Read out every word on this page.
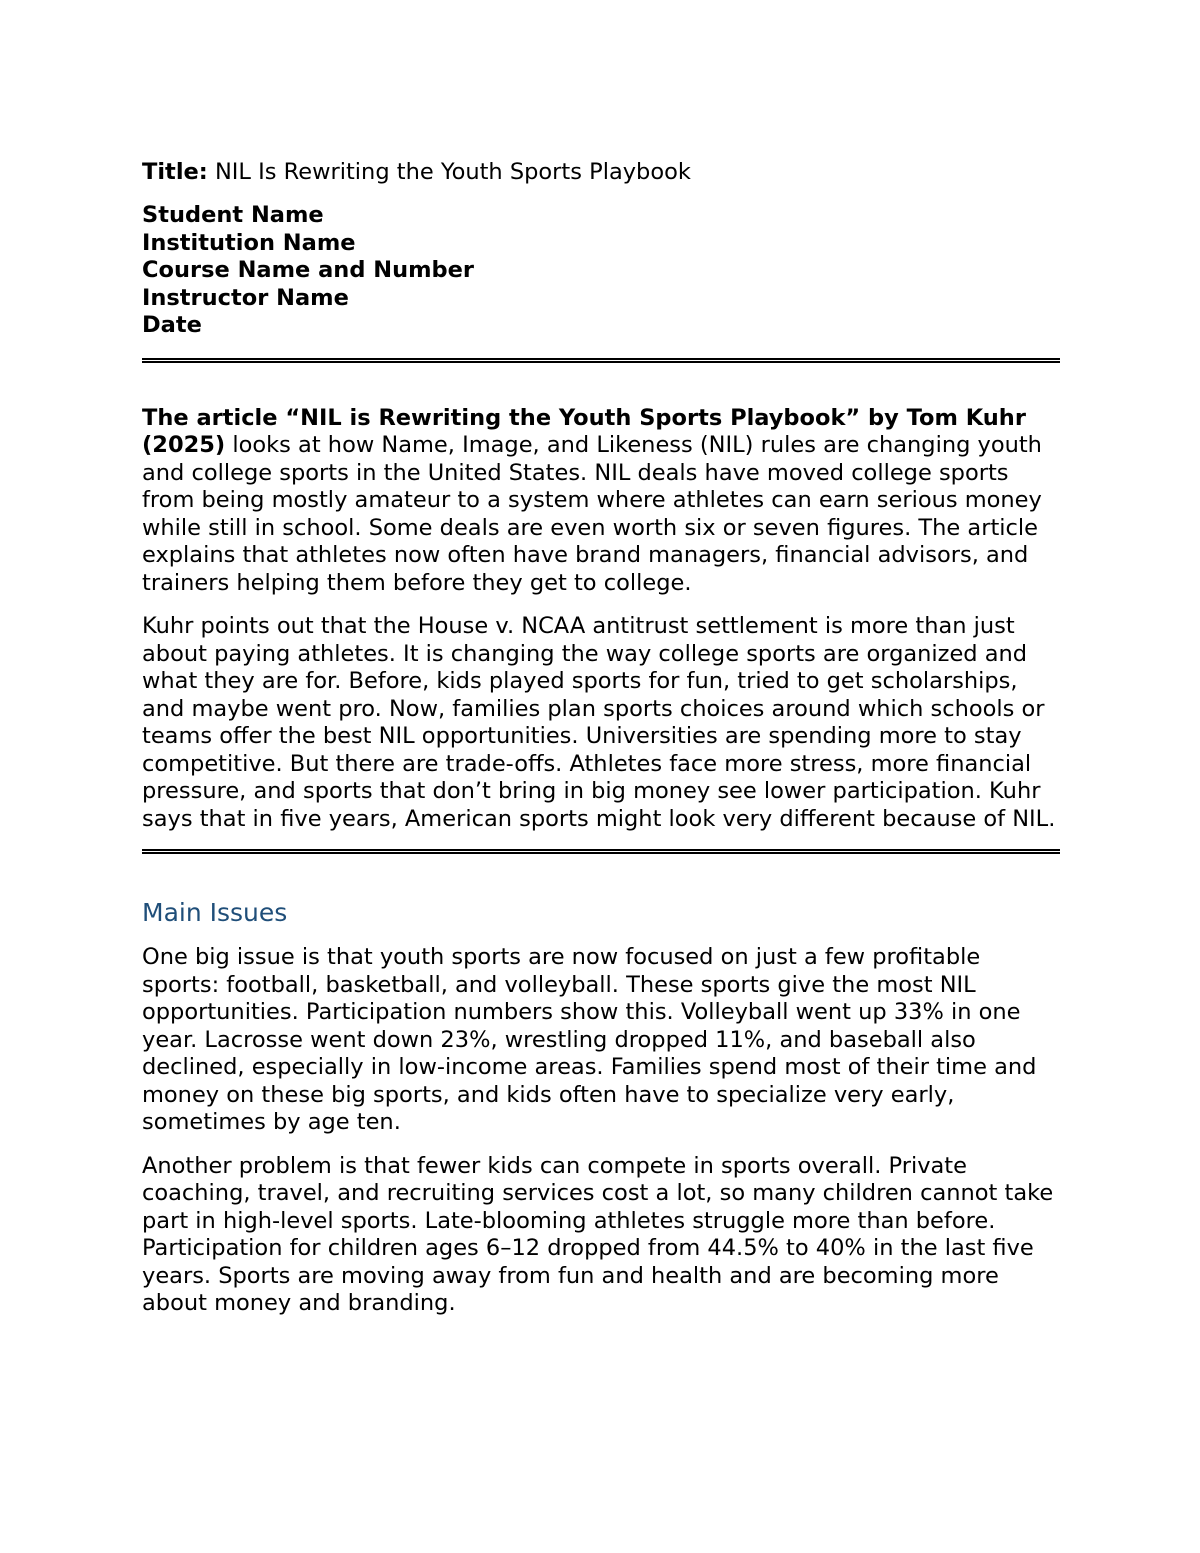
Title: NIL Is Rewriting the Youth Sports Playbook

Student Name
Institution Name
Course Name and Number
Instructor Name
Date

The article “NIL is Rewriting the Youth Sports Playbook” by Tom Kuhr (2025) looks at how Name, Image, and Likeness (NIL) rules are changing youth and college sports in the United States. NIL deals have moved college sports from being mostly amateur to a system where athletes can earn serious money while still in school. Some deals are even worth six or seven figures. The article explains that athletes now often have brand managers, financial advisors, and trainers helping them before they get to college.

Kuhr points out that the House v. NCAA antitrust settlement is more than just about paying athletes. It is changing the way college sports are organized and what they are for. Before, kids played sports for fun, tried to get scholarships, and maybe went pro. Now, families plan sports choices around which schools or teams offer the best NIL opportunities. Universities are spending more to stay competitive. But there are trade-offs. Athletes face more stress, more financial pressure, and sports that don’t bring in big money see lower participation. Kuhr says that in five years, American sports might look very different because of NIL.

Main Issues

One big issue is that youth sports are now focused on just a few profitable sports: football, basketball, and volleyball. These sports give the most NIL opportunities. Participation numbers show this. Volleyball went up 33% in one year. Lacrosse went down 23%, wrestling dropped 11%, and baseball also declined, especially in low-income areas. Families spend most of their time and money on these big sports, and kids often have to specialize very early, sometimes by age ten.

Another problem is that fewer kids can compete in sports overall. Private coaching, travel, and recruiting services cost a lot, so many children cannot take part in high-level sports. Late-blooming athletes struggle more than before. Participation for children ages 6–12 dropped from 44.5% to 40% in the last five years. Sports are moving away from fun and health and are becoming more about money and branding.
